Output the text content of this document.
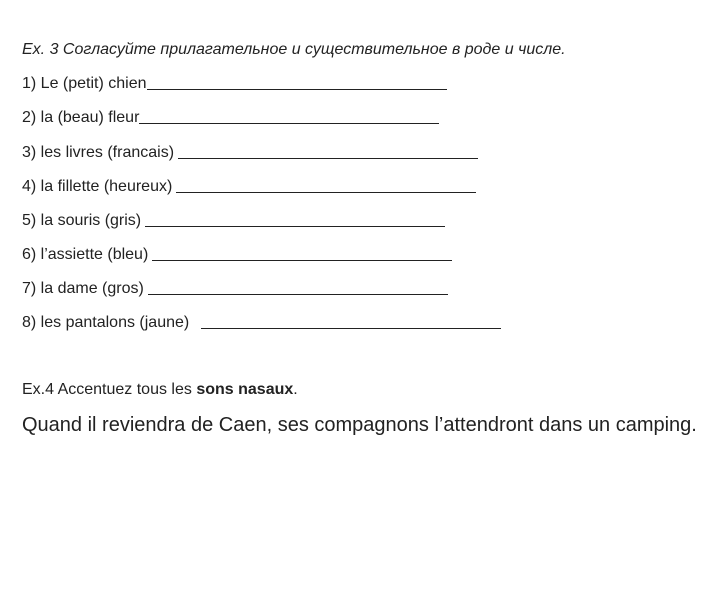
Ex. 3 Согласуйте прилагательное и существительное в роде и числе.
1) Le (petit) chien
2) la (beau) fleur
3) les livres (francais)
4) la fillette (heureux)
5) la souris (gris)
6) l’assiette (bleu)
7) la dame (gros)
8) les pantalons (jaune)
Ex.4 Accentuez tous les sons nasaux.
Quand il reviendra de Caen, ses compagnons l’attendront dans un camping.
